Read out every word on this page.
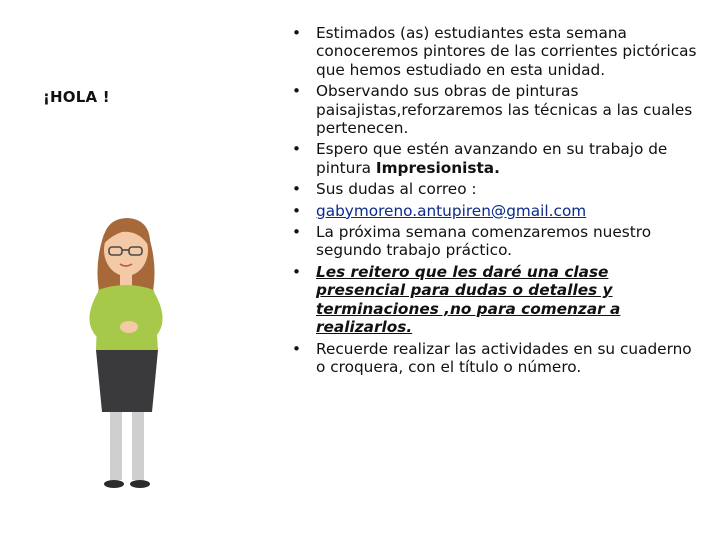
¡HOLA !
• Estimados (as) estudiantes esta semana conoceremos pintores de las corrientes pictóricas que hemos estudiado en esta unidad.
• Observando sus obras de pinturas paisajistas,reforzaremos las técnicas a las cuales pertenecen.
• Espero que estén avanzando en su trabajo de pintura Impresionista.
• Sus dudas al correo :
• gabymoreno.antupiren@gmail.com
• La próxima semana comenzaremos nuestro segundo trabajo práctico.
• Les reitero que les daré una clase presencial para dudas o detalles y terminaciones ,no para comenzar a realizarlos.
• Recuerde realizar las actividades en su cuaderno o croquera, con el título o número.
